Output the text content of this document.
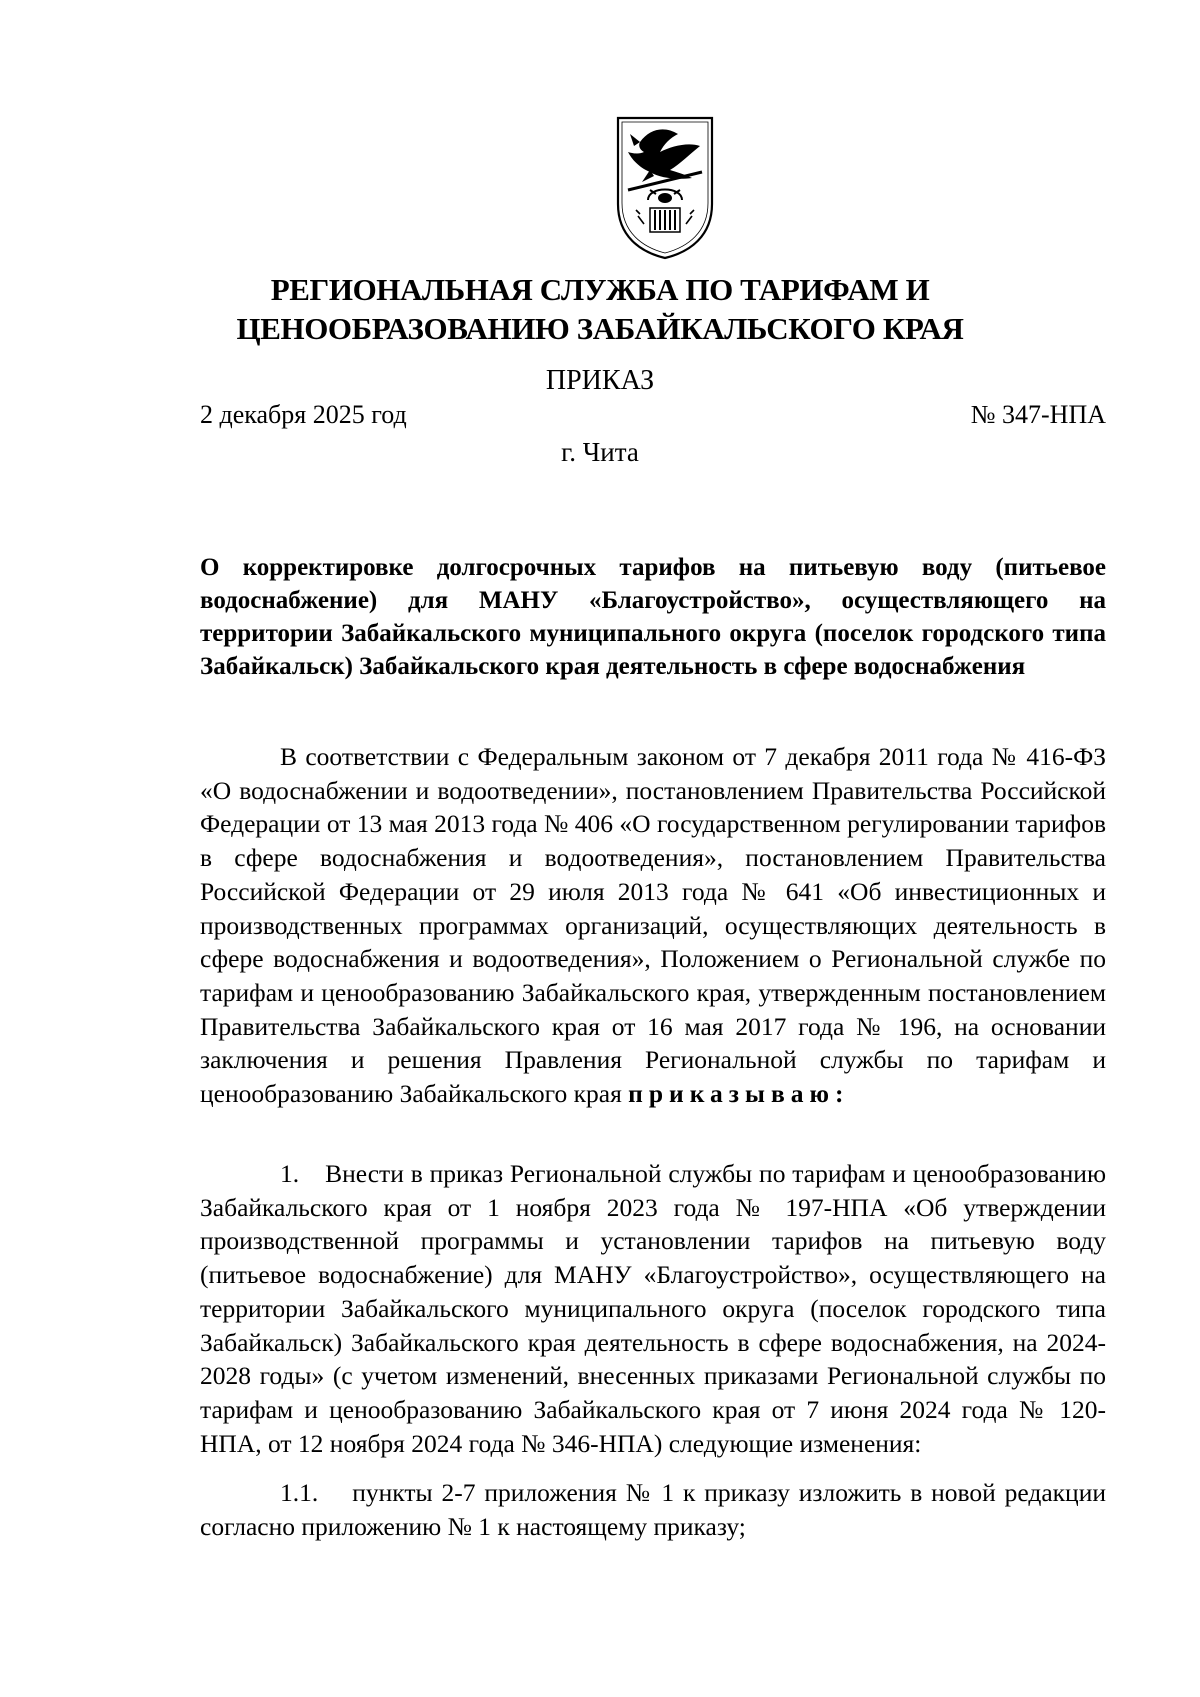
РЕГИОНАЛЬНАЯ СЛУЖБА ПО ТАРИФАМ И
ЦЕНООБРАЗОВАНИЮ ЗАБАЙКАЛЬСКОГО КРАЯ
ПРИКАЗ
2 декабря 2025 год	№ 347-НПА
г. Чита
О корректировке долгосрочных тарифов на питьевую воду (питьевое водоснабжение) для МАНУ «Благоустройство», осуществляющего на территории Забайкальского муниципального округа (поселок городского типа Забайкальск) Забайкальского края деятельность в сфере водоснабжения
В соответствии с Федеральным законом от 7 декабря 2011 года № 416-ФЗ «О водоснабжении и водоотведении», постановлением Правительства Российской Федерации от 13 мая 2013 года № 406 «О государственном регулировании тарифов в сфере водоснабжения и водоотведения», постановлением Правительства Российской Федерации от 29 июля 2013 года № 641 «Об инвестиционных и производственных программах организаций, осуществляющих деятельность в сфере водоснабжения и водоотведения», Положением о Региональной службе по тарифам и ценообразованию Забайкальского края, утвержденным постановлением Правительства Забайкальского края от 16 мая 2017 года № 196, на основании заключения и решения Правления Региональной службы по тарифам и ценообразованию Забайкальского края приказываю:
1. Внести в приказ Региональной службы по тарифам и ценообразованию Забайкальского края от 1 ноября 2023 года № 197-НПА «Об утверждении производственной программы и установлении тарифов на питьевую воду (питьевое водоснабжение) для МАНУ «Благоустройство», осуществляющего на территории Забайкальского муниципального округа (поселок городского типа Забайкальск) Забайкальского края деятельность в сфере водоснабжения, на 2024-2028 годы» (с учетом изменений, внесенных приказами Региональной службы по тарифам и ценообразованию Забайкальского края от 7 июня 2024 года № 120-НПА, от 12 ноября 2024 года № 346-НПА) следующие изменения:
1.1. пункты 2-7 приложения № 1 к приказу изложить в новой редакции согласно приложению № 1 к настоящему приказу;
